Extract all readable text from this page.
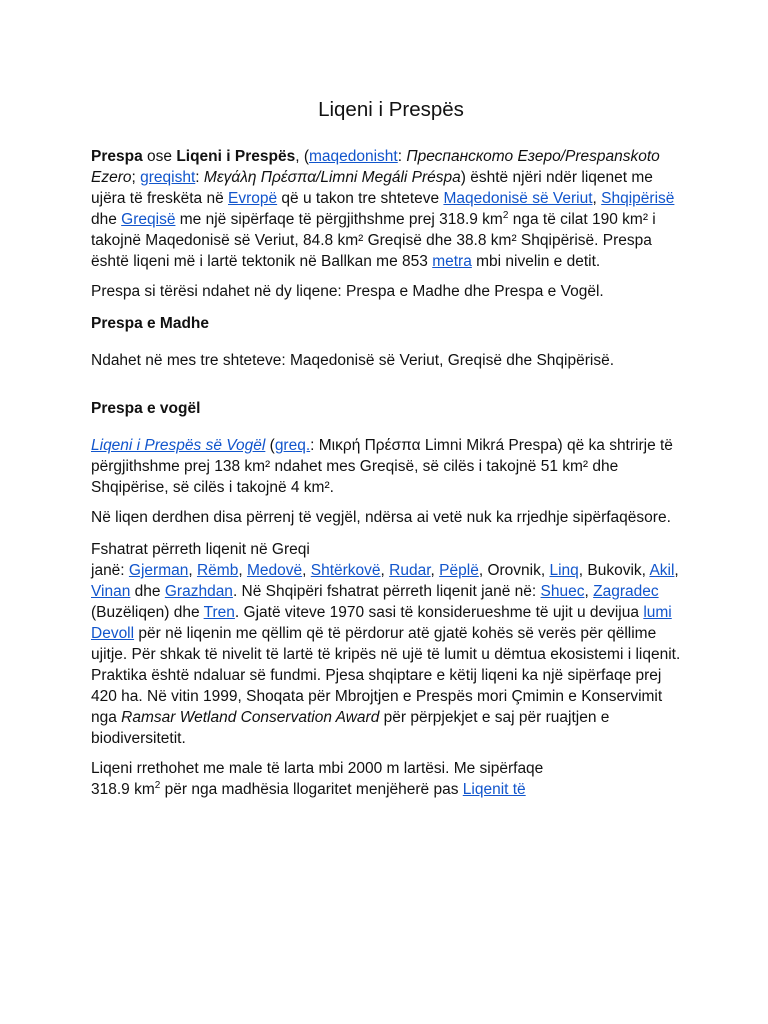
Liqeni i Prespës

Prespa ose Liqeni i Prespës, (maqedonisht: Преспанското Езеро/Prespanskoto Ezero; greqisht: Μεγάλη Πρέσπα/Limni Megáli Préspa) është njëri ndër liqenet me ujëra të freskëta në Evropë që u takon tre shteteve Maqedonisë së Veriut, Shqipërisë dhe Greqisë me një sipërfaqe të përgjithshme prej 318.9 $km^2$ nga të cilat 190 km² i takojnë Maqedonisë së Veriut, 84.8 km² Greqisë dhe 38.8 km² Shqipërisë. Prespa është liqeni më i lartë tektonik në Ballkan me 853 metra mbi nivelin e detit.

Prespa si tërësi ndahet në dy liqene: Prespa e Madhe dhe Prespa e Vogël.

Prespa e Madhe

Ndahet në mes tre shteteve: Maqedonisë së Veriut, Greqisë dhe Shqipërisë.

Prespa e vogël

Liqeni i Prespës së Vogël (greq.: Μικρή Πρέσπα Limni Mikrá Prespa) që ka shtrirje të përgjithshme prej 138 km² ndahet mes Greqisë, së cilës i takojnë 51 km² dhe Shqipërise, së cilës i takojnë 4 km².

Në liqen derdhen disa përrenj të vegjël, ndërsa ai vetë nuk ka rrjedhje sipërfaqësore.

Fshatrat përreth liqenit në Greqi
janë: Gjerman, Rëmb, Medovë, Shtërkovë, Rudar, Pëplë, Orovnik, Linq, Bukovik, Akil, Vinan dhe Grazhdan. Në Shqipëri fshatrat përreth liqenit janë në: Shuec, Zagradec (Buzëliqen) dhe Tren. Gjatë viteve 1970 sasi të konsiderueshme të ujit u devijua lumi Devoll për në liqenin me qëllim që të përdorur atë gjatë kohës së verës për qëllime ujitje. Për shkak të nivelit të lartë të kripës në ujë të lumit u dëmtua ekosistemi i liqenit. Praktika është ndaluar së fundmi. Pjesa shqiptare e këtij liqeni ka një sipërfaqe prej 420 ha. Në vitin 1999, Shoqata për Mbrojtjen e Prespës mori Çmimin e Konservimit nga Ramsar Wetland Conservation Award për përpjekjet e saj për ruajtjen e biodiversitetit.

Liqeni rrethohet me male të larta mbi 2000 m lartësi. Me sipërfaqe
318.9 $km^2$ për nga madhësia llogaritet menjëherë pas Liqenit të
